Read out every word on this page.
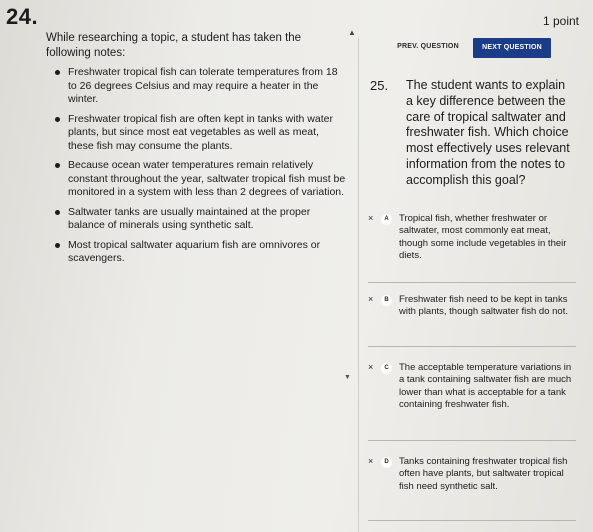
24.	1 point
While researching a topic, a student has taken the following notes:
Freshwater tropical fish can tolerate temperatures from 18 to 26 degrees Celsius and may require a heater in the winter.
Freshwater tropical fish are often kept in tanks with water plants, but since most eat vegetables as well as meat, these fish may consume the plants.
Because ocean water temperatures remain relatively constant throughout the year, saltwater tropical fish must be monitored in a system with less than 2 degrees of variation.
Saltwater tanks are usually maintained at the proper balance of minerals using synthetic salt.
Most tropical saltwater aquarium fish are omnivores or scavengers.
▲
▼
PREV. QUESTION	NEXT QUESTION
25. The student wants to explain a key difference between the care of tropical saltwater and freshwater fish. Which choice most effectively uses relevant information from the notes to accomplish this goal?
×	A	Tropical fish, whether freshwater or saltwater, most commonly eat meat, though some include vegetables in their diets.
×	B	Freshwater fish need to be kept in tanks with plants, though saltwater fish do not.
×	C	The acceptable temperature variations in a tank containing saltwater fish are much lower than what is acceptable for a tank containing freshwater fish.
×	D	Tanks containing freshwater tropical fish often have plants, but saltwater tropical fish need synthetic salt.
